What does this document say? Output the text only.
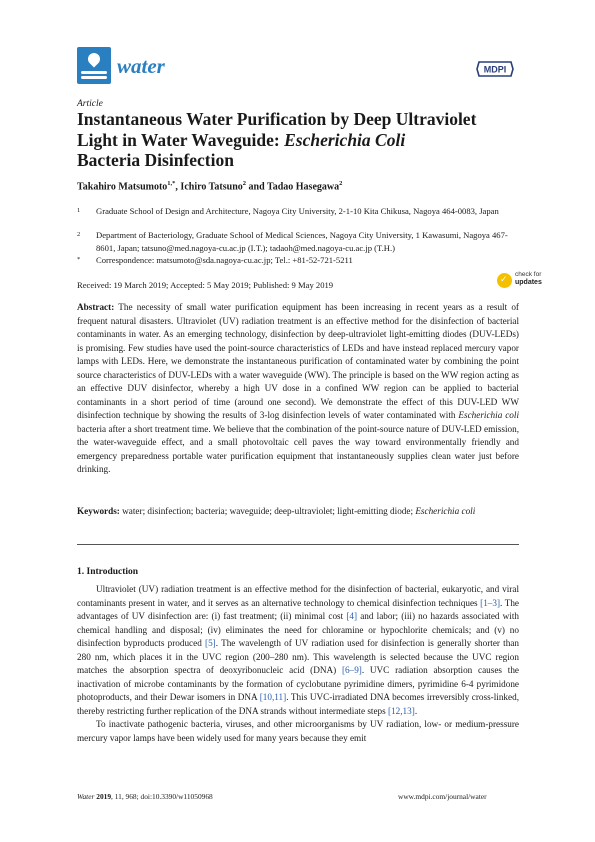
water	MDPI
Article
Instantaneous Water Purification by Deep Ultraviolet
Light in Water Waveguide: Escherichia Coli
Bacteria Disinfection
Takahiro Matsumoto$^{1,*}$, Ichiro Tatsuno$^2$ and Tadao Hasegawa$^2$
1 Graduate School of Design and Architecture, Nagoya City University, 2-1-10 Kita Chikusa, Nagoya 464-0083, Japan
2 Department of Bacteriology, Graduate School of Medical Sciences, Nagoya City University, 1 Kawasumi, Nagoya 467-8601, Japan; tatsuno@med.nagoya-cu.ac.jp (I.T.); tadaoh@med.nagoya-cu.ac.jp (T.H.)
* Correspondence: matsumoto@sda.nagoya-cu.ac.jp; Tel.: +81-52-721-5211
Received: 19 March 2019; Accepted: 5 May 2019; Published: 9 May 2019	✓
check for
updates
Abstract: The necessity of small water purification equipment has been increasing in recent years as a result of frequent natural disasters. Ultraviolet (UV) radiation treatment is an effective method for the disinfection of bacterial contaminants in water. As an emerging technology, disinfection by deep-ultraviolet light-emitting diodes (DUV-LEDs) is promising. Few studies have used the point-source characteristics of LEDs and have instead replaced mercury vapor lamps with LEDs. Here, we demonstrate the instantaneous purification of contaminated water by combining the point source characteristics of DUV-LEDs with a water waveguide (WW). The principle is based on the WW region acting as an effective DUV disinfector, whereby a high UV dose in a confined WW region can be applied to bacterial contaminants in a short period of time (around one second). We demonstrate the effect of this DUV-LED WW disinfection technique by showing the results of 3-log disinfection levels of water contaminated with Escherichia coli bacteria after a short treatment time. We believe that the combination of the point-source nature of DUV-LED emission, the water-waveguide effect, and a small photovoltaic cell paves the way toward environmentally friendly and emergency preparedness portable water purification equipment that instantaneously supplies clean water just before drinking.
Keywords: water; disinfection; bacteria; waveguide; deep-ultraviolet; light-emitting diode; Escherichia coli
1. Introduction

Ultraviolet (UV) radiation treatment is an effective method for the disinfection of bacterial, eukaryotic, and viral contaminants present in water, and it serves as an alternative technology to chemical disinfection techniques [1–3]. The advantages of UV disinfection are: (i) fast treatment; (ii) minimal cost [4] and labor; (iii) no hazards associated with chemical handling and disposal; (iv) eliminates the need for chloramine or hypochlorite chemicals; and (v) no disinfection byproducts produced [5]. The wavelength of UV radiation used for disinfection is generally shorter than 280 nm, which places it in the UVC region (200–280 nm). This wavelength is selected because the UVC region matches the absorption spectra of deoxyribonucleic acid (DNA) [6–9]. UVC radiation absorption causes the inactivation of microbe contaminants by the formation of cyclobutane pyrimidine dimers, pyrimidine 6-4 pyrimidone photoproducts, and their Dewar isomers in DNA [10,11]. This UVC-irradiated DNA becomes irreversibly cross-linked, thereby restricting further replication of the DNA strands without intermediate steps [12,13].

To inactivate pathogenic bacteria, viruses, and other microorganisms by UV radiation, low- or medium-pressure mercury vapor lamps have been widely used for many years because they emit

Water 2019, 11, 968; doi:10.3390/w11050968	www.mdpi.com/journal/water
